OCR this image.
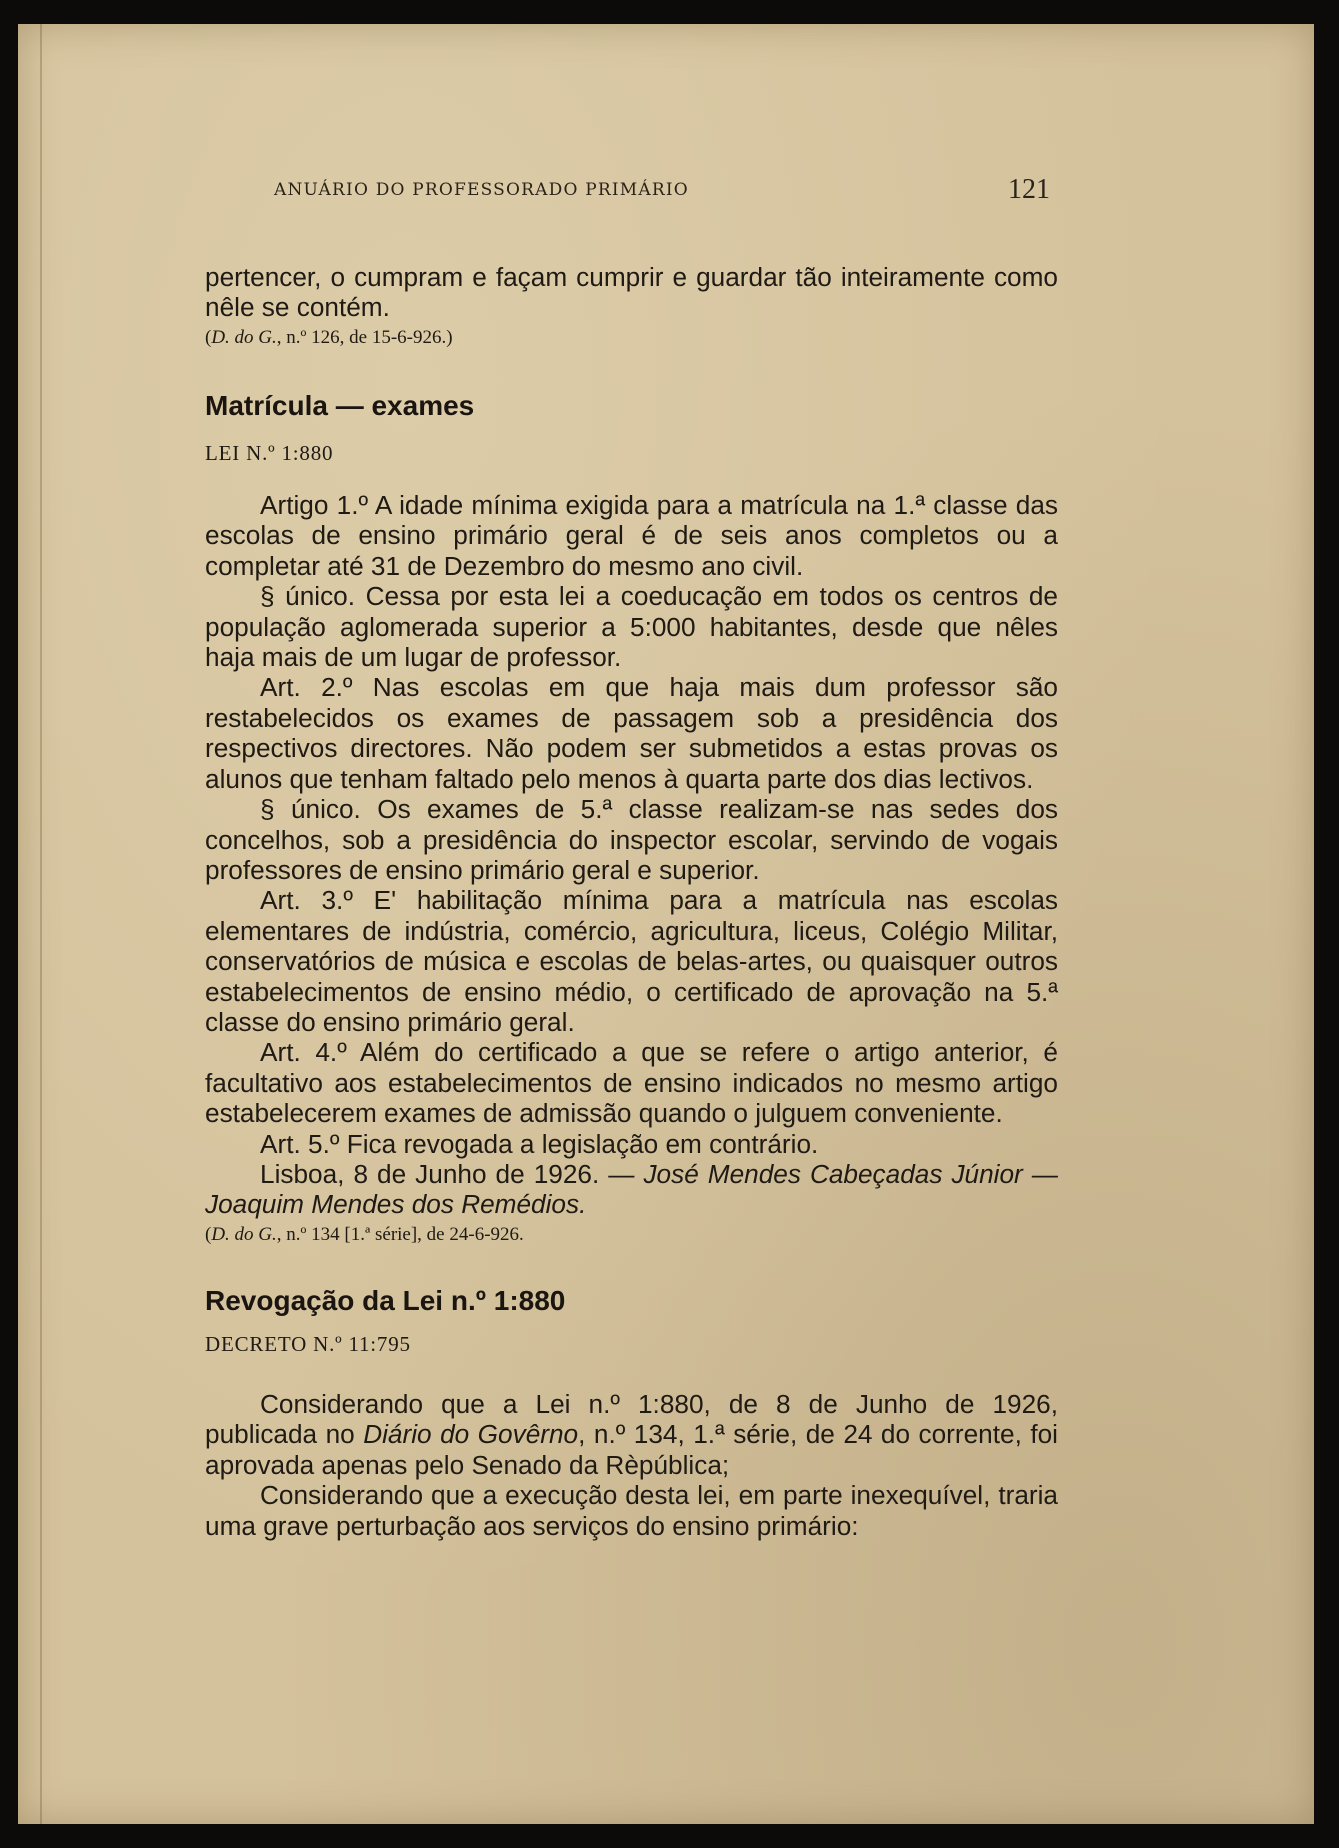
ANUÁRIO DO PROFESSORADO PRIMÁRIO	121

pertencer, o cumpram e façam cumprir e guardar tão inteiramente como nêle se contém.

(D. do G., n.º 126, de 15-6-926.)

Matrícula — exames

LEI N.º 1:880

Artigo 1.º A idade mínima exigida para a matrícula na 1.ª classe das escolas de ensino primário geral é de seis anos completos ou a completar até 31 de Dezembro do mesmo ano civil.

§ único. Cessa por esta lei a coeducação em todos os centros de população aglomerada superior a 5:000 habitantes, desde que nêles haja mais de um lugar de professor.

Art. 2.º Nas escolas em que haja mais dum professor são restabelecidos os exames de passagem sob a presidência dos respectivos directores. Não podem ser submetidos a estas provas os alunos que tenham faltado pelo menos à quarta parte dos dias lectivos.

§ único. Os exames de 5.ª classe realizam-se nas sedes dos concelhos, sob a presidência do inspector escolar, servindo de vogais professores de ensino primário geral e superior.

Art. 3.º E' habilitação mínima para a matrícula nas escolas elementares de indústria, comércio, agricultura, liceus, Colégio Militar, conservatórios de música e escolas de belas-artes, ou quaisquer outros estabelecimentos de ensino médio, o certificado de aprovação na 5.ª classe do ensino primário geral.

Art. 4.º Além do certificado a que se refere o artigo anterior, é facultativo aos estabelecimentos de ensino indicados no mesmo artigo estabelecerem exames de admissão quando o julguem conveniente.

Art. 5.º Fica revogada a legislação em contrário.

Lisboa, 8 de Junho de 1926. — José Mendes Cabeçadas Júnior —Joaquim Mendes dos Remédios.

(D. do G., n.º 134 [1.ª série], de 24-6-926.

Revogação da Lei n.º 1:880

DECRETO N.º 11:795

Considerando que a Lei n.º 1:880, de 8 de Junho de 1926, publicada no Diário do Govêrno, n.º 134, 1.ª série, de 24 do corrente, foi aprovada apenas pelo Senado da Rèpública;

Considerando que a execução desta lei, em parte inexequível, traria uma grave perturbação aos serviços do ensino primário:
